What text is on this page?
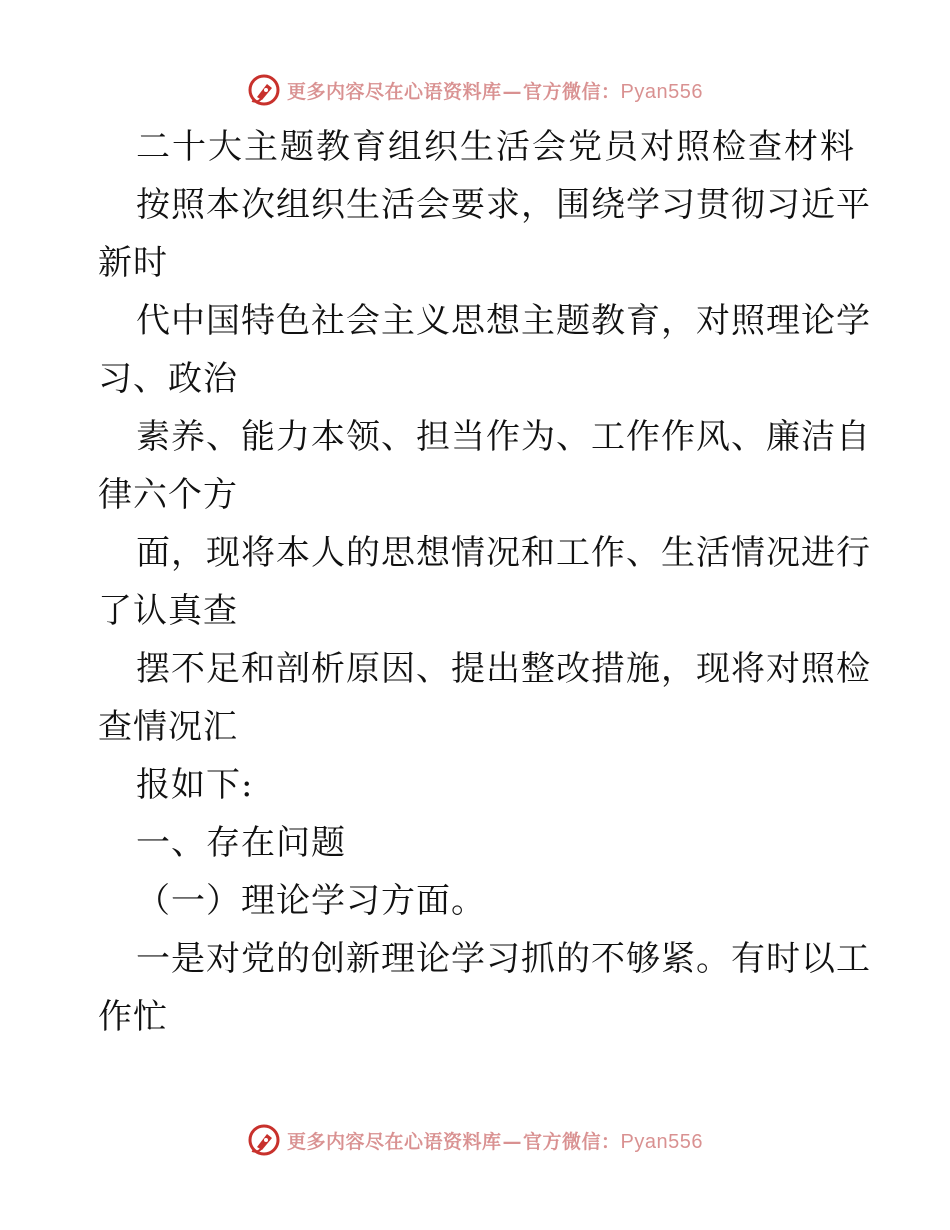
更多内容尽在心语资料库—官方微信：Pyan556
二十大主题教育组织生活会党员对照检查材料
按照本次组织生活会要求，围绕学习贯彻习近平
新时
代中国特色社会主义思想主题教育，对照理论学
习、政治
素养、能力本领、担当作为、工作作风、廉洁自
律六个方
面，现将本人的思想情况和工作、生活情况进行
了认真查
摆不足和剖析原因、提出整改措施，现将对照检
查情况汇
报如下:
一、存在问题
（一）理论学习方面。
一是对党的创新理论学习抓的不够紧。有时以工
作忙
更多内容尽在心语资料库—官方微信：Pyan556
